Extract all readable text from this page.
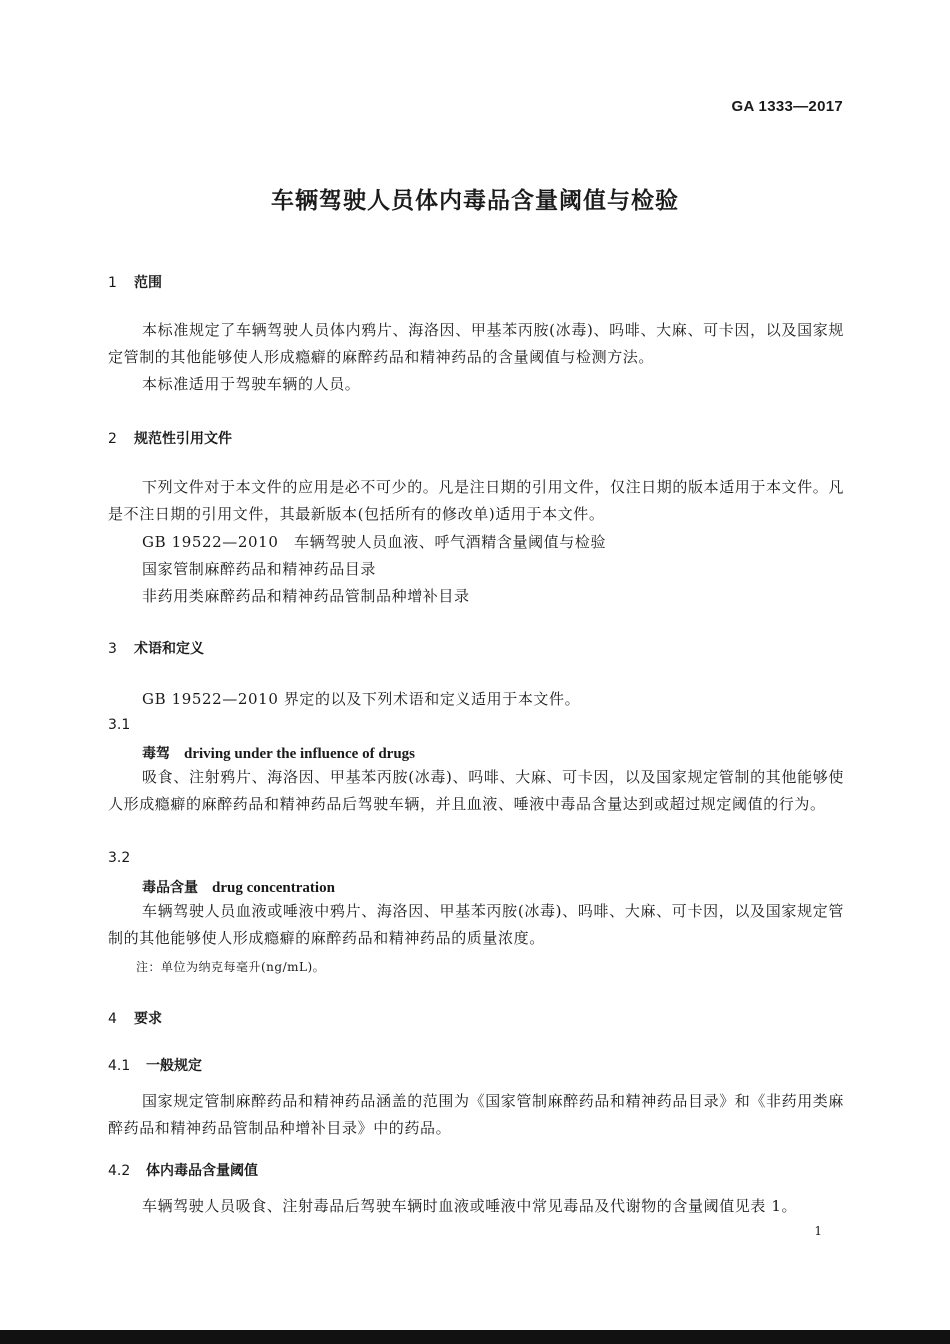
GA 1333—2017
车辆驾驶人员体内毒品含量阈值与检验
1 范围
本标准规定了车辆驾驶人员体内鸦片、海洛因、甲基苯丙胺(冰毒)、吗啡、大麻、可卡因，以及国家规定管制的其他能够使人形成瘾癖的麻醉药品和精神药品的含量阈值与检测方法。
本标准适用于驾驶车辆的人员。
2 规范性引用文件
下列文件对于本文件的应用是必不可少的。凡是注日期的引用文件，仅注日期的版本适用于本文件。凡是不注日期的引用文件，其最新版本(包括所有的修改单)适用于本文件。
GB 19522—2010　车辆驾驶人员血液、呼气酒精含量阈值与检验
国家管制麻醉药品和精神药品目录
非药用类麻醉药品和精神药品管制品种增补目录
3 术语和定义
GB 19522—2010 界定的以及下列术语和定义适用于本文件。
3.1
毒驾 driving under the influence of drugs
吸食、注射鸦片、海洛因、甲基苯丙胺(冰毒)、吗啡、大麻、可卡因，以及国家规定管制的其他能够使人形成瘾癖的麻醉药品和精神药品后驾驶车辆，并且血液、唾液中毒品含量达到或超过规定阈值的行为。
3.2
毒品含量 drug concentration
车辆驾驶人员血液或唾液中鸦片、海洛因、甲基苯丙胺(冰毒)、吗啡、大麻、可卡因，以及国家规定管制的其他能够使人形成瘾癖的麻醉药品和精神药品的质量浓度。
注：单位为纳克每毫升(ng/mL)。
4 要求
4.1 一般规定
国家规定管制麻醉药品和精神药品涵盖的范围为《国家管制麻醉药品和精神药品目录》和《非药用类麻醉药品和精神药品管制品种增补目录》中的药品。
4.2 体内毒品含量阈值
车辆驾驶人员吸食、注射毒品后驾驶车辆时血液或唾液中常见毒品及代谢物的含量阈值见表 1。
1
